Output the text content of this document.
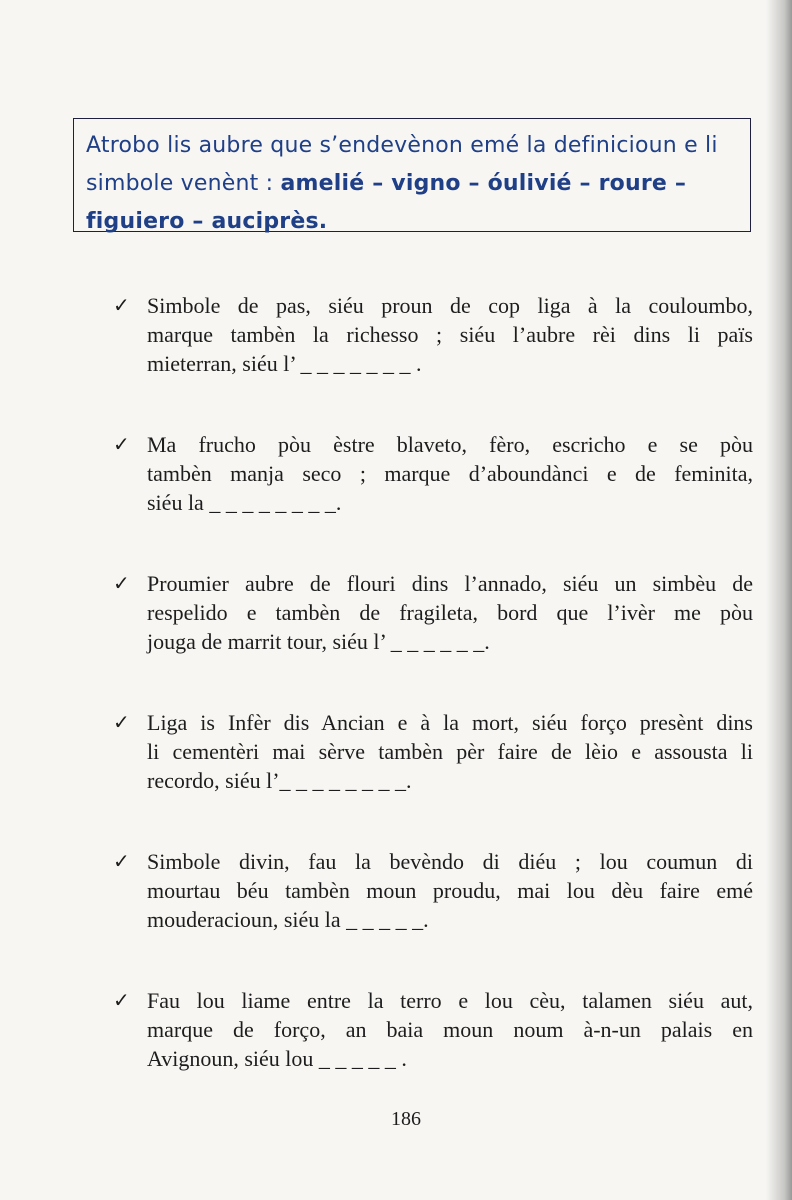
Atrobo lis aubre que s’endevènon emé la definicioun e li
simbole venènt : amelié – vigno – óulivié – roure –
figuiero – auciprès.
✓ Simbole de pas, siéu proun de cop liga à la couloumbo,
marque tambèn la richesso ; siéu l’aubre rèi dins li païs
mieterran, siéu l’ _ _ _ _ _ _ _ .
✓ Ma frucho pòu èstre blaveto, fèro, escricho e se pòu
tambèn manja seco ; marque d’aboundànci e de feminita,
siéu la _ _ _ _ _ _ _ _.
✓ Proumier aubre de flouri dins l’annado, siéu un simbèu de
respelido e tambèn de fragileta, bord que l’ivèr me pòu
jouga de marrit tour, siéu l’ _ _ _ _ _ _.
✓ Liga is Infèr dis Ancian e à la mort, siéu forço presènt dins
li cementèri mai sèrve tambèn pèr faire de lèio e assousta li
recordo, siéu l’_ _ _ _ _ _ _ _.
✓ Simbole divin, fau la bevèndo di diéu ; lou coumun di
mourtau béu tambèn moun proudu, mai lou dèu faire emé
mouderacioun, siéu la _ _ _ _ _.
✓ Fau lou liame entre la terro e lou cèu, talamen siéu aut,
marque de forço, an baia moun noum à-n-un palais en
Avignoun, siéu lou _ _ _ _ _ .
186
